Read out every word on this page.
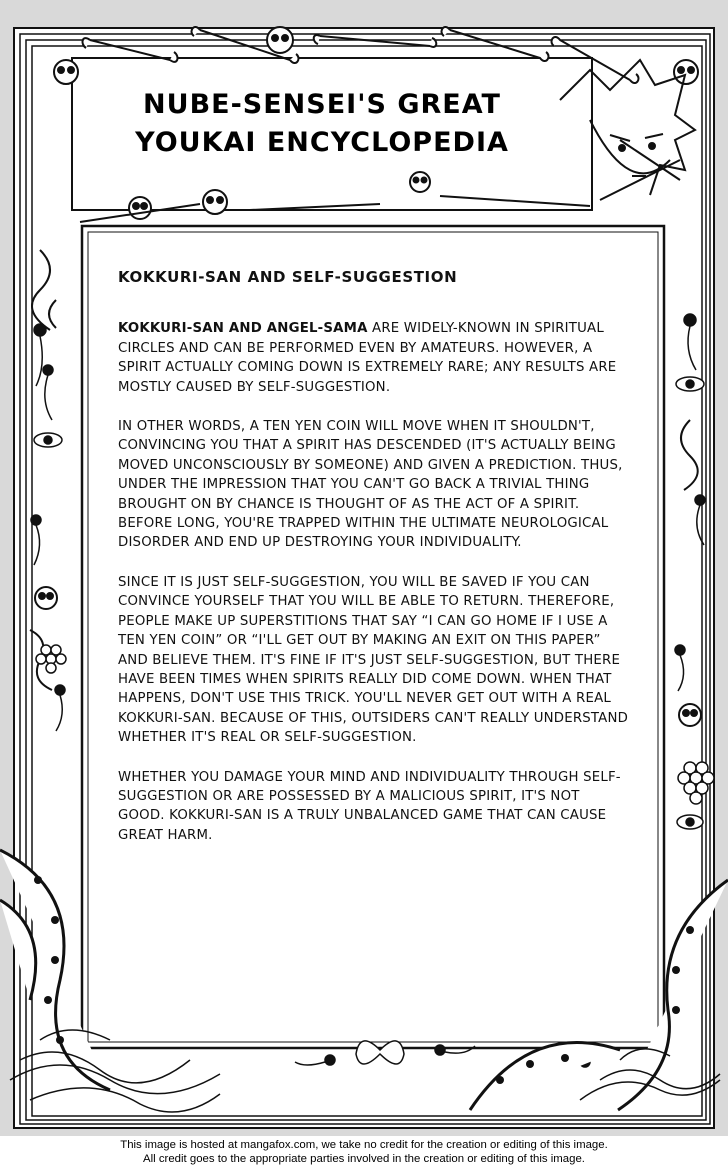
NUBE-SENSEI'S GREAT
YOUKAI ENCYCLOPEDIA
KOKKURI-SAN AND SELF-SUGGESTION

KOKKURI-SAN AND ANGEL-SAMA ARE WIDELY-KNOWN IN SPIRITUAL CIRCLES AND CAN BE PERFORMED EVEN BY AMATEURS. HOWEVER, A SPIRIT ACTUALLY COMING DOWN IS EXTREMELY RARE; ANY RESULTS ARE MOSTLY CAUSED BY SELF-SUGGESTION.

IN OTHER WORDS, A TEN YEN COIN WILL MOVE WHEN IT SHOULDN'T, CONVINCING YOU THAT A SPIRIT HAS DESCENDED (IT'S ACTUALLY BEING MOVED UNCONSCIOUSLY BY SOMEONE) AND GIVEN A PREDICTION. THUS, UNDER THE IMPRESSION THAT YOU CAN'T GO BACK A TRIVIAL THING BROUGHT ON BY CHANCE IS THOUGHT OF AS THE ACT OF A SPIRIT. BEFORE LONG, YOU'RE TRAPPED WITHIN THE ULTIMATE NEUROLOGICAL DISORDER AND END UP DESTROYING YOUR INDIVIDUALITY.

SINCE IT IS JUST SELF-SUGGESTION, YOU WILL BE SAVED IF YOU CAN CONVINCE YOURSELF THAT YOU WILL BE ABLE TO RETURN. THEREFORE, PEOPLE MAKE UP SUPERSTITIONS THAT SAY “I CAN GO HOME IF I USE A TEN YEN COIN” OR “I'LL GET OUT BY MAKING AN EXIT ON THIS PAPER” AND BELIEVE THEM. IT'S FINE IF IT'S JUST SELF-SUGGESTION, BUT THERE HAVE BEEN TIMES WHEN SPIRITS REALLY DID COME DOWN. WHEN THAT HAPPENS, DON'T USE THIS TRICK. YOU'LL NEVER GET OUT WITH A REAL KOKKURI-SAN. BECAUSE OF THIS, OUTSIDERS CAN'T REALLY UNDERSTAND WHETHER IT'S REAL OR SELF-SUGGESTION.

WHETHER YOU DAMAGE YOUR MIND AND INDIVIDUALITY THROUGH SELF-SUGGESTION OR ARE POSSESSED BY A MALICIOUS SPIRIT, IT'S NOT GOOD. KOKKURI-SAN IS A TRULY UNBALANCED GAME THAT CAN CAUSE GREAT HARM.

This image is hosted at mangafox.com, we take no credit for the creation or editing of this image.
All credit goes to the appropriate parties involved in the creation or editing of this image.
